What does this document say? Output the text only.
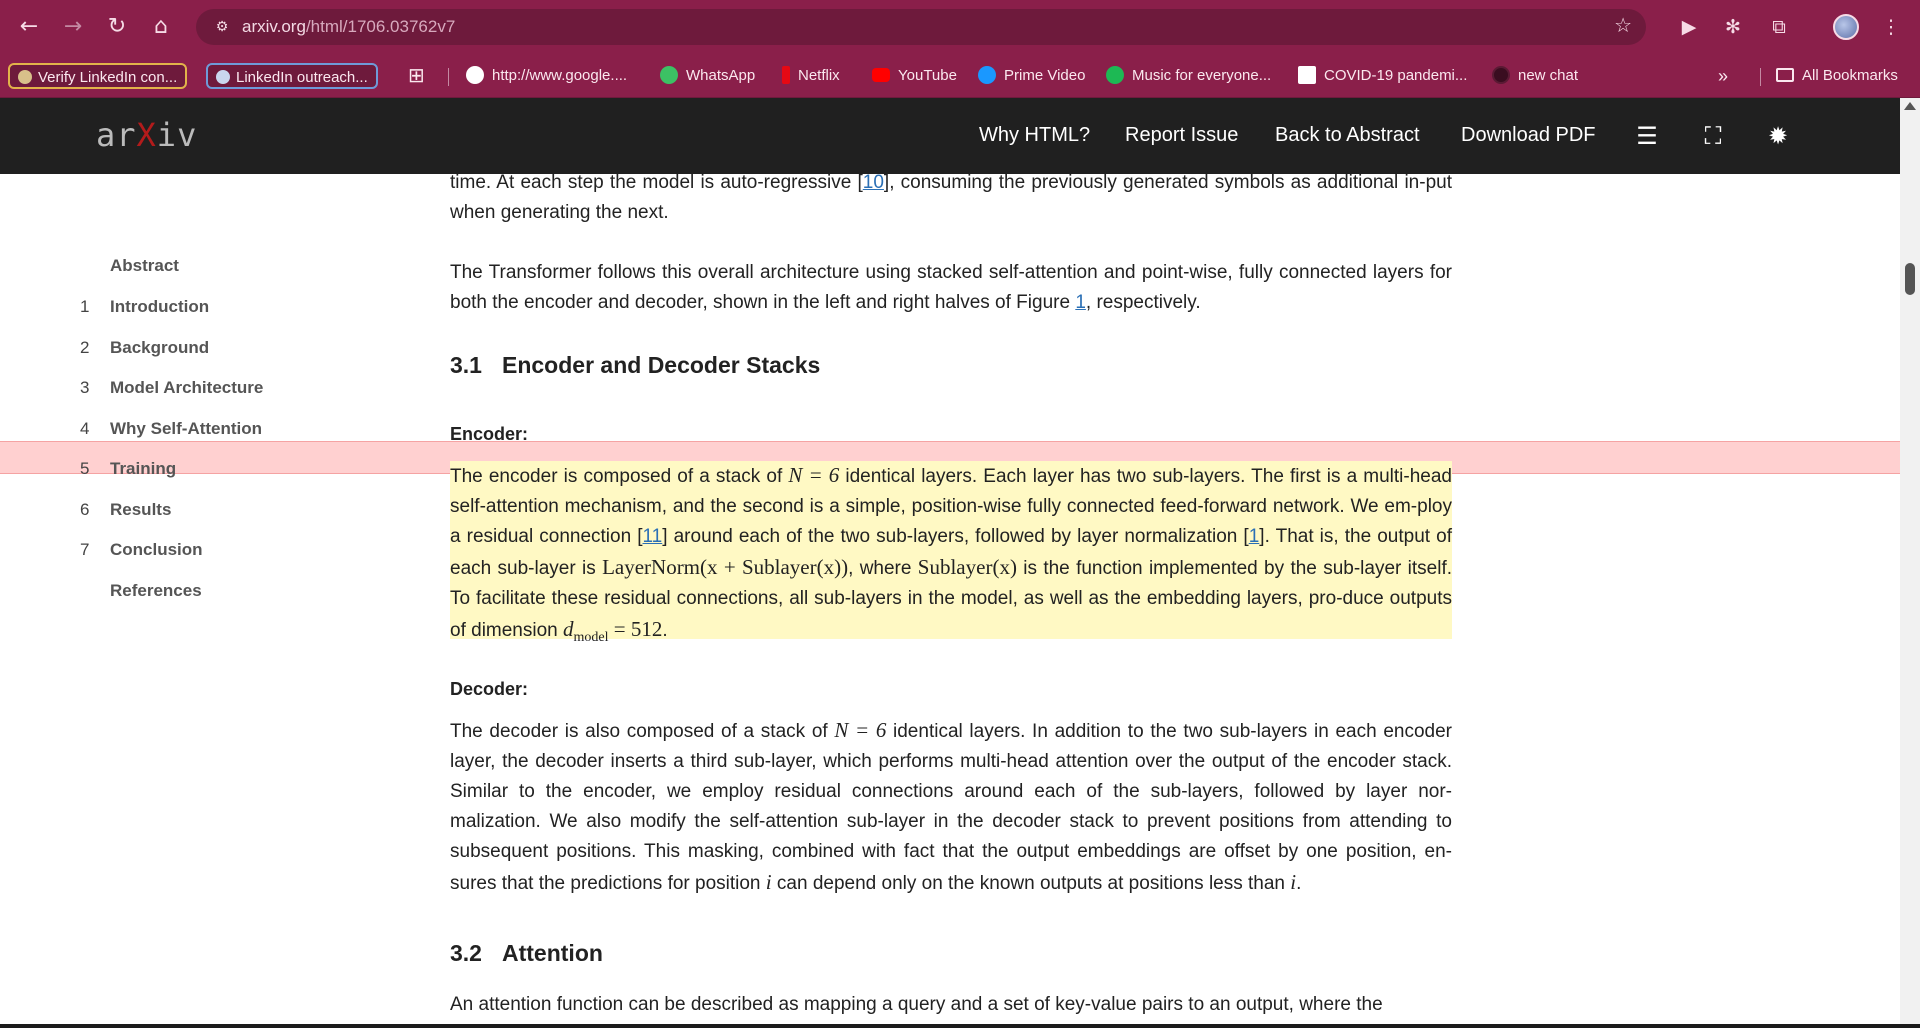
← → ↻	⌂	⚙ arxiv.org/html/1706.03762v7	☆	▶ ✻	⧉	⋮
Verify LinkedIn con...	LinkedIn outreach...	⊞	http://www.google....	WhatsApp	Netflix	YouTube	Prime Video	Music for everyone...	COVID-19 pandemi...	new chat	»	All Bookmarks
arXiv	Why HTML? Report Issue Back to Abstract Download PDF ☰	⛶	✹
Abstract
1 Introduction
2 Background
3 Model Architecture
4 Why Self-Attention
5 Training
6 Results
7 Conclusion
References
time. At each step the model is auto-regressive [10], consuming the previously generated symbols as additional in-put when generating the next.
The Transformer follows this overall architecture using stacked self-attention and point-wise, fully connected layers for both the encoder and decoder, shown in the left and right halves of Figure 1, respectively.
3.1 Encoder and Decoder Stacks
Encoder:
The encoder is composed of a stack of N = 6 identical layers. Each layer has two sub-layers. The first is a multi-head self-attention mechanism, and the second is a simple, position-wise fully connected feed-forward network. We em-ploy a residual connection [11] around each of the two sub-layers, followed by layer normalization [1]. That is, the output of each sub-layer is LayerNorm(x + Sublayer(x)), where Sublayer(x) is the function implemented by the sub-layer itself. To facilitate these residual connections, all sub-layers in the model, as well as the embedding layers, pro-duce outputs of dimension $d_{model} = 512$.
Decoder:
The decoder is also composed of a stack of N = 6 identical layers. In addition to the two sub-layers in each encoder layer, the decoder inserts a third sub-layer, which performs multi-head attention over the output of the encoder stack. Similar to the encoder, we employ residual connections around each of the sub-layers, followed by layer nor-malization. We also modify the self-attention sub-layer in the decoder stack to prevent positions from attending to subsequent positions. This masking, combined with fact that the output embeddings are offset by one position, en-sures that the predictions for position i can depend only on the known outputs at positions less than i.
3.2 Attention
An attention function can be described as mapping a query and a set of key-value pairs to an output, where the
